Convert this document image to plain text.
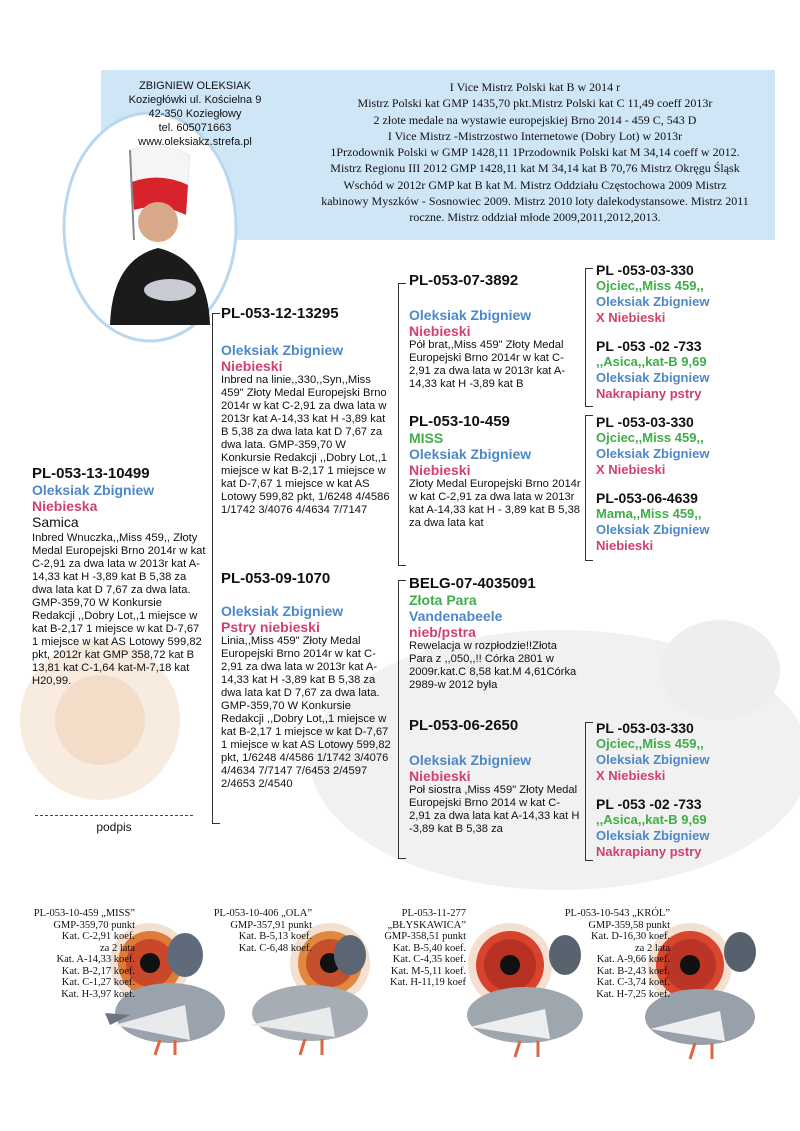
ZBIGNIEW OLEKSIAK
Koziegłówki ul. Kościelna 9
42-350 Koziegłowy
tel. 605071663
www.oleksiakz.strefa.pl
I Vice Mistrz Polski kat B w 2014 r
Mistrz Polski kat GMP 1435,70 pkt.Mistrz Polski kat C 11,49 coeff 2013r
2 złote medale na wystawie europejskiej Brno 2014 - 459 C, 543 D
I Vice Mistrz -Mistrzostwo Internetowe (Dobry Lot) w 2013r
1Przodownik Polski w GMP 1428,11 1Przodownik Polski kat M 34,14 coeff w 2012.
Mistrz Regionu III 2012 GMP 1428,11 kat M 34,14 kat B 70,76 Mistrz Okręgu Śląsk
Wschód w 2012r GMP kat B kat M. Mistrz Oddziału Częstochowa 2009 Mistrz
kabinowy Myszków - Sosnowiec 2009. Mistrz 2010 loty dalekodystansowe. Mistrz 2011
roczne. Mistrz oddział młode 2009,2011,2012,2013.
PL-053-13-10499
Oleksiak Zbigniew
Niebieska
Samica
Inbred Wnuczka,,Miss 459,, Złoty Medal Europejski Brno 2014r w kat C-2,91 za dwa lata w 2013r kat A-14,33 kat H -3,89 kat B 5,38 za dwa lata kat D 7,67 za dwa lata. GMP-359,70 W Konkursie Redakcji ,,Dobry Lot,,1 miejsce w kat B-2,17 1 miejsce w kat D-7,67 1 miejsce w kat AS Lotowy 599,82 pkt, 2012r kat GMP 358,72 kat B 13,81 kat C-1,64 kat-M-7,18 kat H20,99.
podpis
PL-053-12-13295
Oleksiak Zbigniew
Niebieski
Inbred na linie,,330,,Syn,,Miss 459" Złoty Medal Europejski Brno 2014r w kat C-2,91 za dwa lata w 2013r kat A-14,33 kat H -3,89 kat B 5,38 za dwa lata kat D 7,67 za dwa lata. GMP-359,70 W Konkursie Redakcji ,,Dobry Lot,,1 miejsce w kat B-2,17 1 miejsce w kat D-7,67 1 miejsce w kat AS Lotowy 599,82 pkt, 1/6248 4/4586 1/1742 3/4076 4/4634 7/7147
PL-053-09-1070
Oleksiak Zbigniew
Pstry niebieski
Linia,,Miss 459" Złoty Medal Europejski Brno 2014r w kat C-2,91 za dwa lata w 2013r kat A-14,33 kat H -3,89 kat B 5,38 za dwa lata kat D 7,67 za dwa lata. GMP-359,70 W Konkursie Redakcji ,,Dobry Lot,,1 miejsce w kat B-2,17 1 miejsce w kat D-7,67 1 miejsce w kat AS Lotowy 599,82 pkt, 1/6248 4/4586 1/1742 3/4076 4/4634 7/7147 7/6453 2/4597 2/4653 2/4540
PL-053-07-3892
Oleksiak Zbigniew
Niebieski
Pół brat,,Miss 459" Złoty Medal Europejski Brno 2014r w kat C-2,91 za dwa lata w 2013r kat A-14,33 kat H -3,89 kat B
PL-053-10-459
MISS
Oleksiak Zbigniew
Niebieski
Złoty Medal Europejski Brno 2014r w kat C-2,91 za dwa lata w 2013r kat A-14,33 kat H - 3,89 kat B 5,38 za dwa lata kat
BELG-07-4035091
Złota Para
Vandenabeele
nieb/pstra
Rewelacja w rozpłodzie!!Złota Para z ,,050,,!! Córka 2801 w 2009r.kat.C 8,58 kat.M 4,61Córka 2989-w 2012 była
PL-053-06-2650
Oleksiak Zbigniew
Niebieski
Poł siostra ,Miss 459" Złoty Medal Europejski Brno 2014 w kat C-2,91 za dwa lata kat A-14,33 kat H -3,89 kat B 5,38 za
PL -053-03-330
Ojciec,,Miss 459,,
Oleksiak Zbigniew
X Niebieski
PL -053 -02 -733
,,Asica,,kat-B 9,69
Oleksiak Zbigniew
Nakrapiany pstry
PL -053-03-330
Ojciec,,Miss 459,,
Oleksiak Zbigniew
X Niebieski
PL-053-06-4639
Mama,,Miss 459,,
Oleksiak Zbigniew
Niebieski
PL -053-03-330
Ojciec,,Miss 459,,
Oleksiak Zbigniew
X Niebieski
PL -053 -02 -733
,,Asica,,kat-B 9,69
Oleksiak Zbigniew
Nakrapiany pstry
PL-053-10-459 „MISS”
GMP-359,70 punkt
Kat. C-2,91 koef.
za 2 lata
Kat. A-14,33 koef.
Kat. B-2,17 koef.
Kat. C-1,27 koef.
Kat. H-3,97 koef.
PL-053-10-406 „OLA”
GMP-357,91 punkt
Kat. B-5,13 koef.
Kat. C-6,48 koef.
PL-053-11-277
„BŁYSKAWICA”
GMP-358,51 punkt
Kat. B-5,40 koef.
Kat. C-4,35 koef.
Kat. M-5,11 koef.
Kat. H-11,19 koef
PL-053-10-543 „KRÓL”
GMP-359,58 punkt
Kat. D-16,30 koef.
za 2 lata
Kat. A-9,66 koef.
Kat. B-2,43 koef.
Kat. C-3,74 koef.
Kat. H-7,25 koef.
